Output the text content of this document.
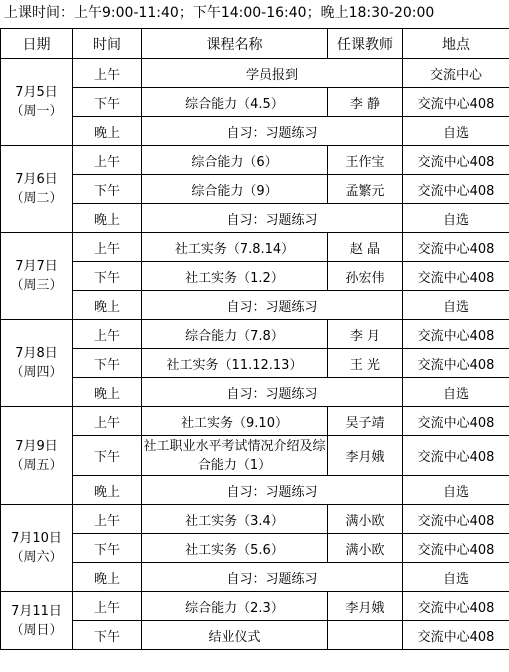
上课时间：上午9:00-11:40；下午14:00-16:40；晚上18:30-20:00
日期	时间	课程名称	任课教师	地点
7月5日
（周一）	上午	学员报到		交流中心
	下午	综合能力（4.5）	李 静	交流中心408
	晚上	自习：习题练习		自选
7月6日
（周二）	上午	综合能力（6）	王作宝	交流中心408
	下午	综合能力（9）	孟繁元	交流中心408
	晚上	自习：习题练习		自选
7月7日
（周三）	上午	社工实务（7.8.14）	赵 晶	交流中心408
	下午	社工实务（1.2）	孙宏伟	交流中心408
	晚上	自习：习题练习		自选
7月8日
（周四）	上午	综合能力（7.8）	李 月	交流中心408
	下午	社工实务（11.12.13）	王 光	交流中心408
	晚上	自习：习题练习		自选
7月9日
（周五）	上午	社工实务（9.10）	吴子靖	交流中心408
	下午	社工职业水平考试情况介绍及综合能力（1）	李月娥	交流中心408
	晚上	自习：习题练习		自选
7月10日
（周六）	上午	社工实务（3.4）	满小欧	交流中心408
	下午	社工实务（5.6）	满小欧	交流中心408
	晚上	自习：习题练习		自选
7月11日
（周日）	上午	综合能力（2.3）	李月娥	交流中心408
	下午	结业仪式		交流中心408
